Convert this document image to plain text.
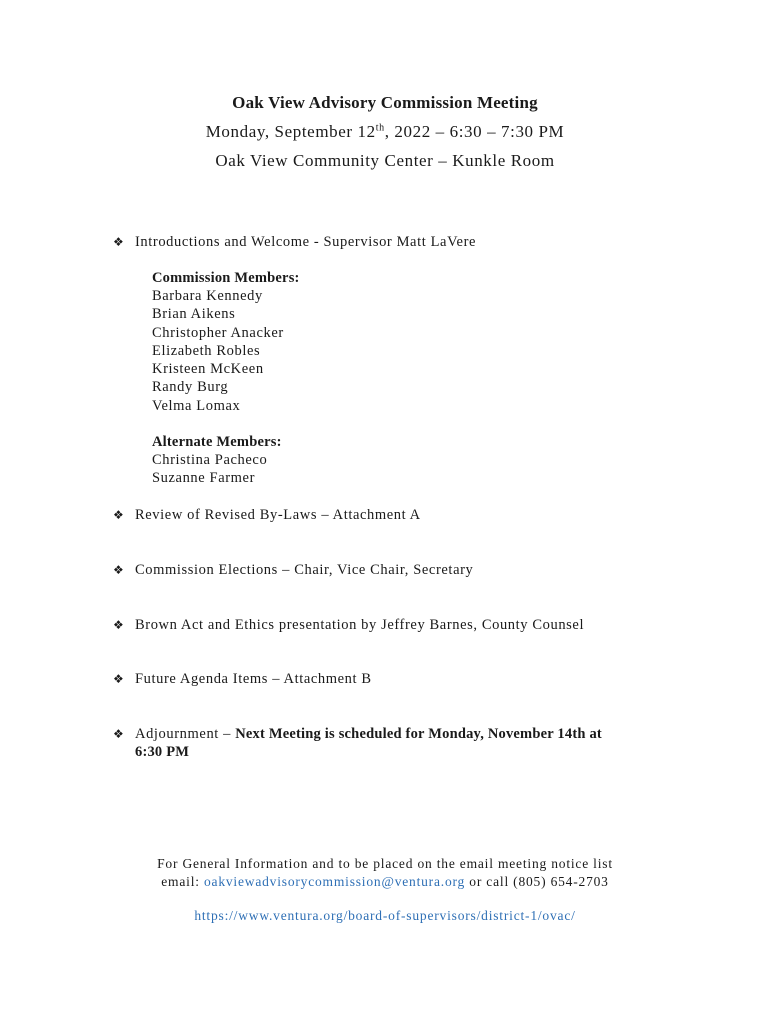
Oak View Advisory Commission Meeting
Monday, September 12th, 2022 – 6:30 – 7:30 PM
Oak View Community Center – Kunkle Room
❖ Introductions and Welcome - Supervisor Matt LaVere
Commission Members:
Barbara Kennedy
Brian Aikens
Christopher Anacker
Elizabeth Robles
Kristeen McKeen
Randy Burg
Velma Lomax
Alternate Members:
Christina Pacheco
Suzanne Farmer
❖ Review of Revised By-Laws – Attachment A
❖ Commission Elections – Chair, Vice Chair, Secretary
❖ Brown Act and Ethics presentation by Jeffrey Barnes, County Counsel
❖ Future Agenda Items – Attachment B
❖ Adjournment – Next Meeting is scheduled for Monday, November 14th at
6:30 PM
For General Information and to be placed on the email meeting notice list
email: oakviewadvisorycommission@ventura.org or call (805) 654-2703
https://www.ventura.org/board-of-supervisors/district-1/ovac/
